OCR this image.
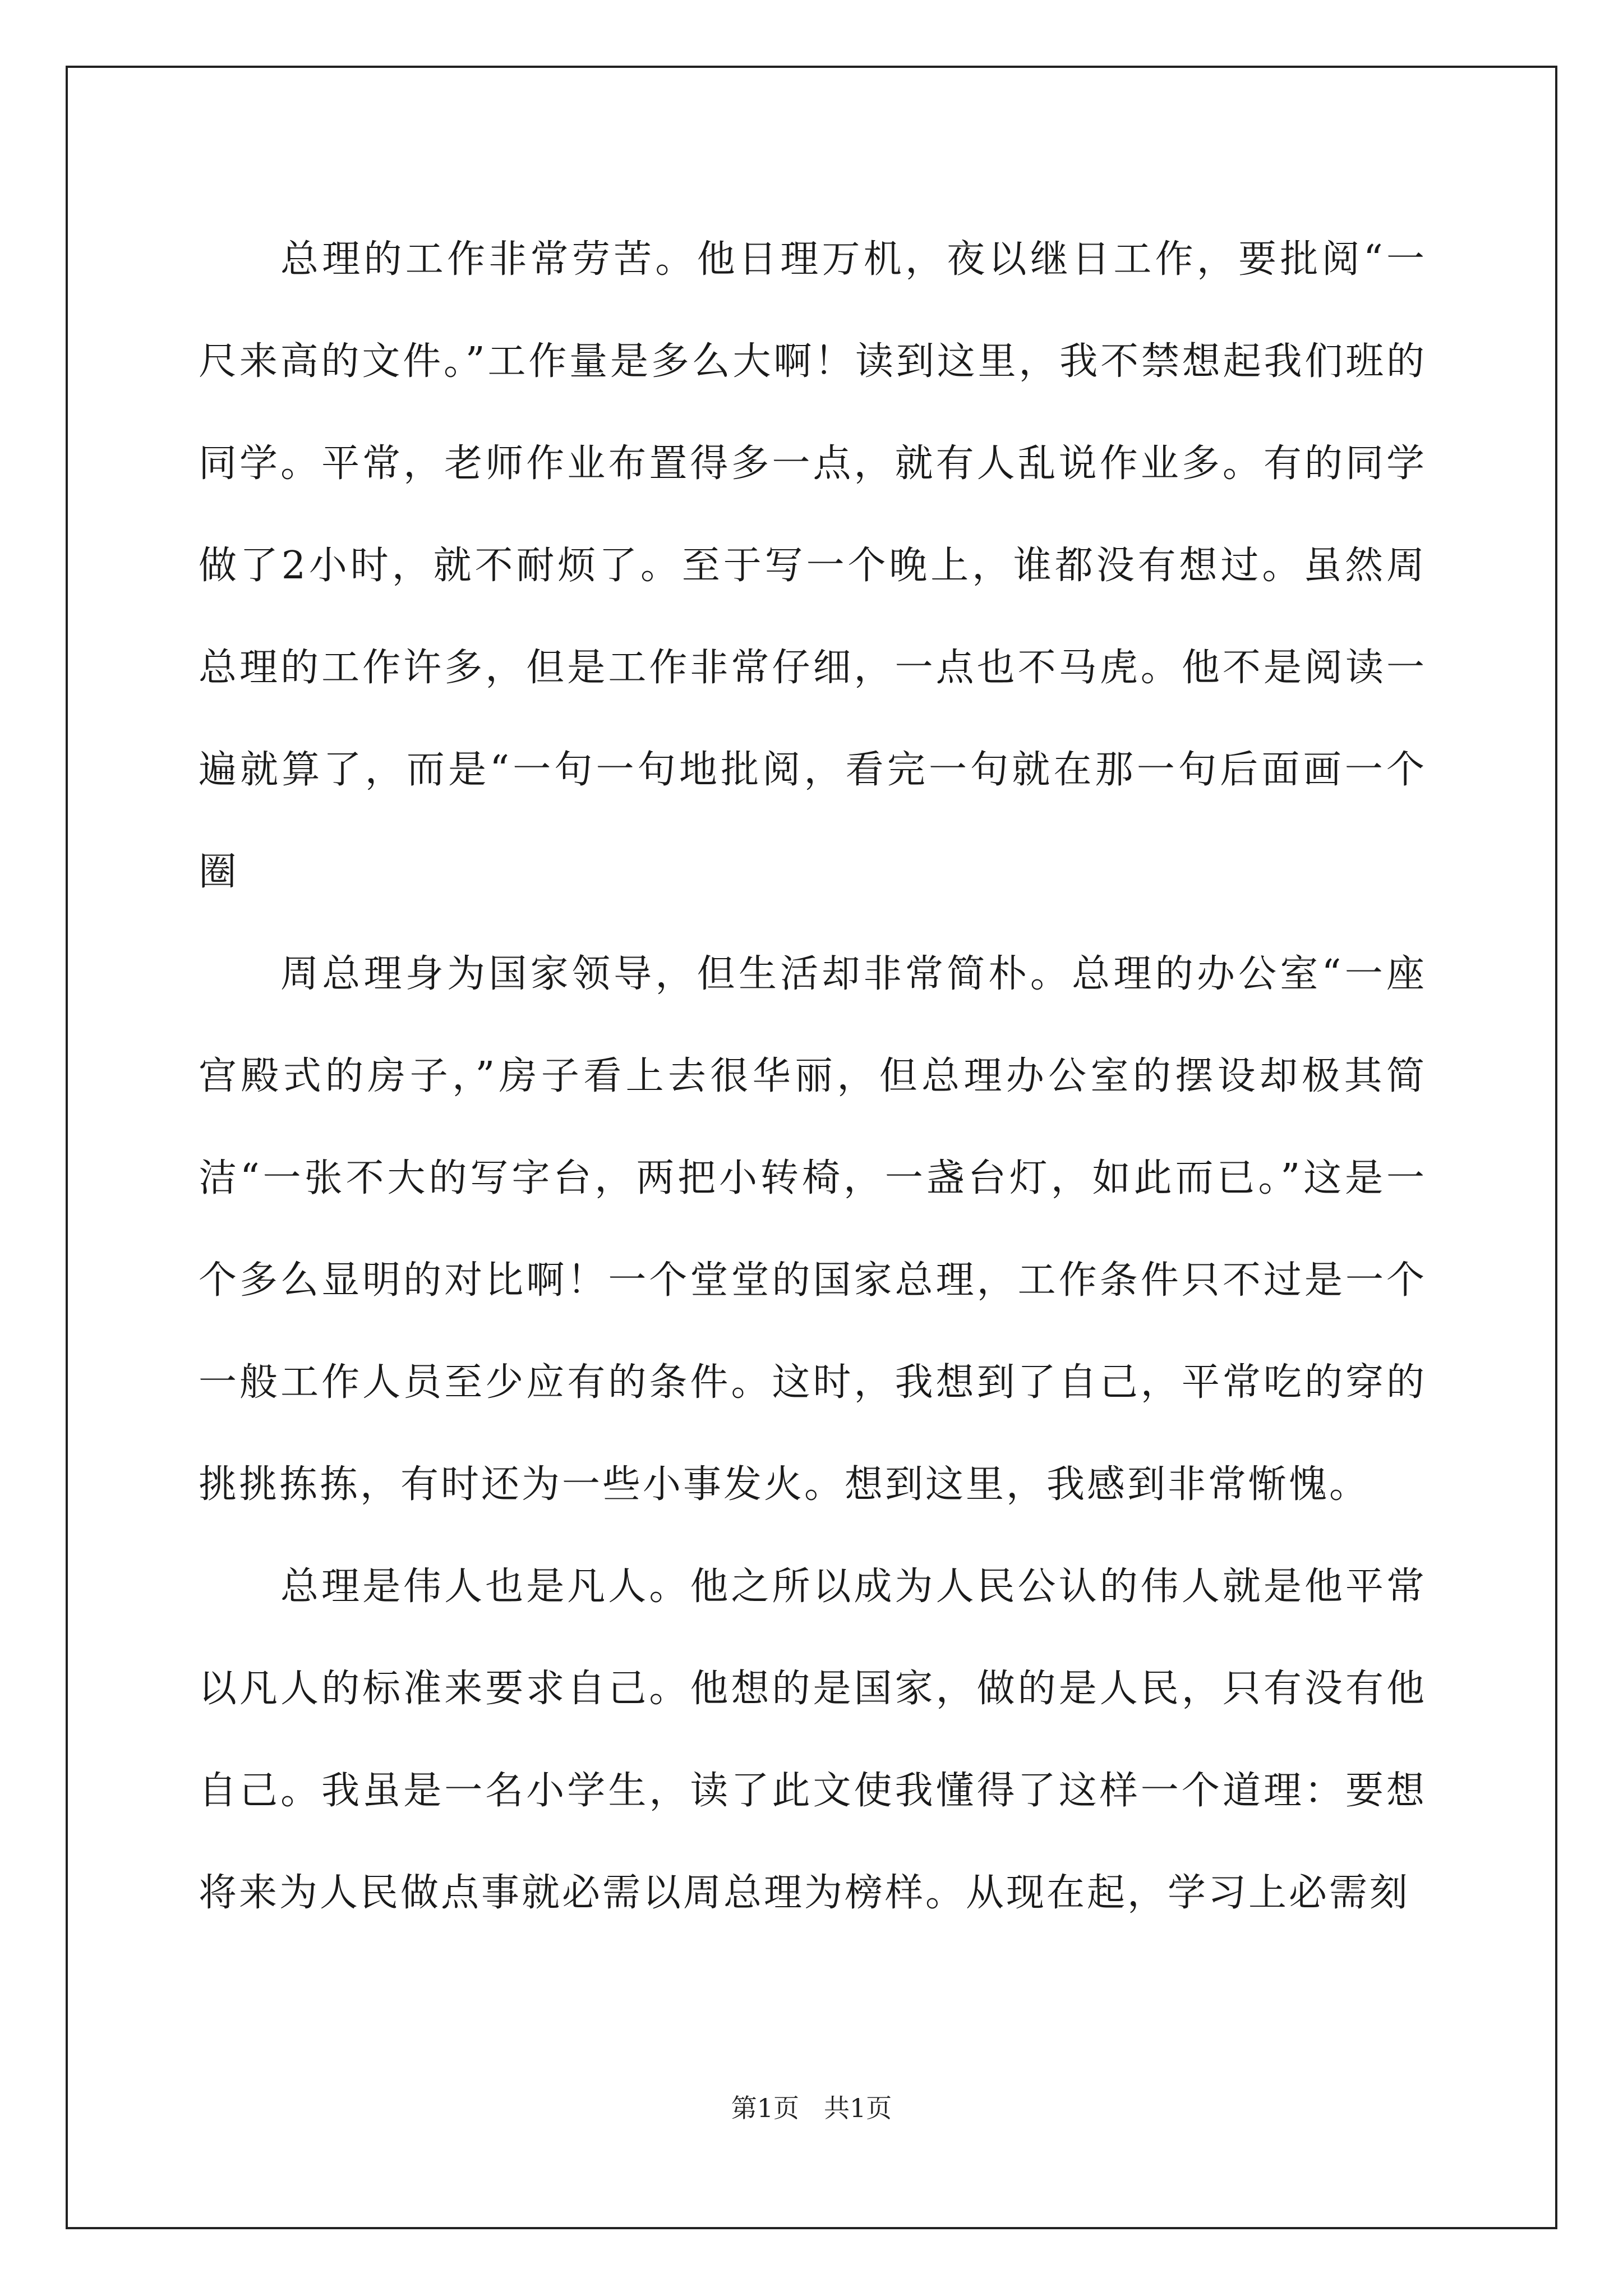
总理的工作非常劳苦。他日理万机，夜以继日工作，要批阅“一尺来高的文件。”工作量是多么大啊！读到这里，我不禁想起我们班的同学。平常，老师作业布置得多一点，就有人乱说作业多。有的同学做了2小时，就不耐烦了。至于写一个晚上，谁都没有想过。虽然周总理的工作许多，但是工作非常仔细，一点也不马虎。他不是阅读一遍就算了，而是“一句一句地批阅，看完一句就在那一句后面画一个圈

周总理身为国家领导，但生活却非常简朴。总理的办公室“一座宫殿式的房子，”房子看上去很华丽，但总理办公室的摆设却极其简洁“一张不大的写字台，两把小转椅，一盏台灯，如此而已。”这是一个多么显明的对比啊！一个堂堂的国家总理，工作条件只不过是一个一般工作人员至少应有的条件。这时，我想到了自己，平常吃的穿的挑挑拣拣，有时还为一些小事发火。想到这里，我感到非常惭愧。

总理是伟人也是凡人。他之所以成为人民公认的伟人就是他平常以凡人的标准来要求自己。他想的是国家，做的是人民，只有没有他自己。我虽是一名小学生，读了此文使我懂得了这样一个道理：要想将来为人民做点事就必需以周总理为榜样。从现在起，学习上必需刻

第1页 共1页
